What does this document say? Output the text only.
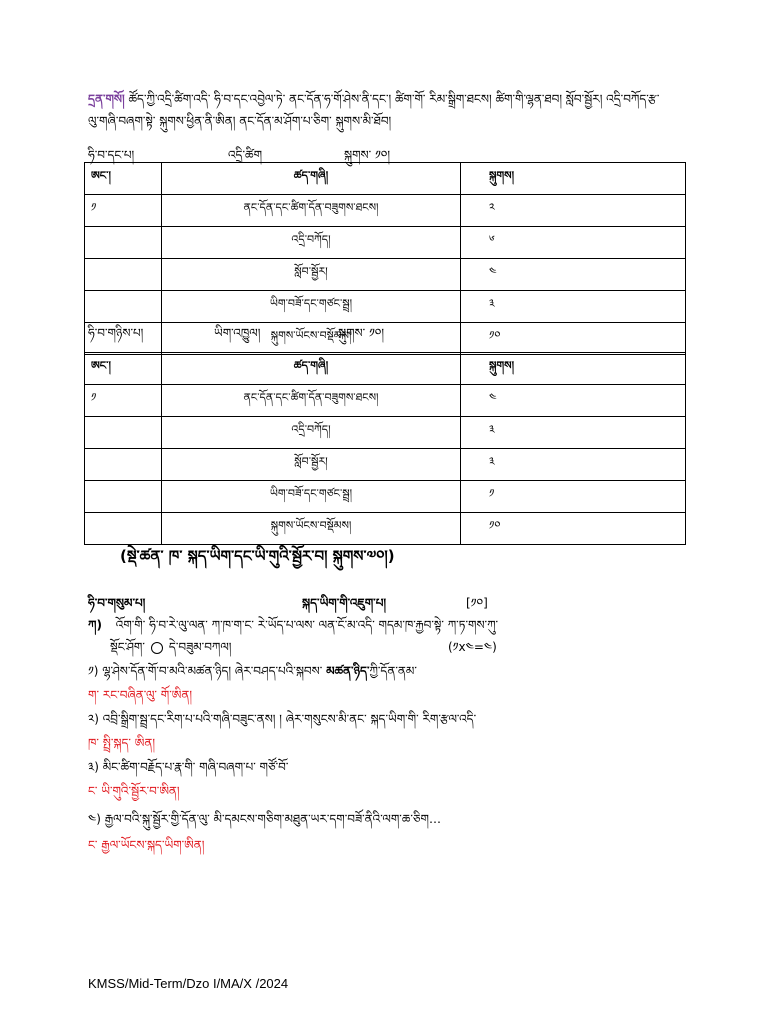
དྲན་གསོ། ཚོད་ཀྱི་འདྲི་ཚིག་འདི་ ཧི་བ་དང་འབྱེལ་ཏེ་ ནང་དོན་ཧ་གོ་ཤེས་ནི་དང་། ཚིག་གོ་ རིམ་སྒྲིག་ཐངས། ཚིག་གི་ལྷན་ཐབ། སློབ་སྦྱོར། འདྲི་བཀོད་རྩ་
ལུ་གཞི་བཞག་སྟེ་ སྐུགས་ཕྱིན་ནི་ཨིན། ནང་དོན་མ་ཤོག་པ་ཅིག་ སྐུགས་མི་ཐོབ།
ཧི་བ་དང་པ།	འདྲི་ཚིག	སྐུགས་ ༡༠།
ཨང་།	ཚད་གཞི།	སྐུགས།
༡	ནང་དོན་དང་ཚིག་དོན་བཟུགས་ཐངས།	༢
	འདྲི་བཀོད།	༦
	སློབ་སྦྱོར།	༤
	ཡིག་བཟོ་དང་གཙང་སྦྲ།	༣
	སྐུགས་ཡོངས་བསྡོམས།	༡༠
ཧི་བ་གཉིས་པ།	ཡིག་འཁྱུལ།	སྐུགས་ ༡༠།
ཨང་།	ཚད་གཞི།	སྐུགས།
༡	ནང་དོན་དང་ཚིག་དོན་བཟུགས་ཐངས།	༤
	འདྲི་བཀོད།	༣
	སློབ་སྦྱོར།	༣
	ཡིག་བཟོ་དང་གཙང་སྦྲ།	༡
	སྐུགས་ཡོངས་བསྡོམས།	༡༠
(སྡེ་ཚན་ ཁ་ སྐད་ཡིག་དང་ཡི་གུའི་སྦྱོར་བ། སྐུགས་༧༠།)
ཧི་བ་གསུམ་པ།	སྐད་ཡིག་གི་འཇུག་པ།	[༡༠]
ཀ) འོག་གི་ ཧི་བ་རེ་ལུ་ལན་ ཀ་ཁ་ག་ང་ རེ་ཡོད་པ་ལས་ ལན་ངོ་མ་འདི་ གདམ་ཁ་རྐྱབ་སྟེ་ ཀ་ཏ་གས་ཀུ་
སྡོང་ཤོག་ དེ་བཟུམ་བཀལ།	(༡x༤=༤)
༡) ལྷ་ཤེས་དོན་གོ་བ་མའི་མཚན་ཉིད། ཞེར་བཤད་པའི་སྐབས་ མཚན་ཉིད་ཀྱི་དོན་ནམ་
ག་ རང་བཞིན་ལུ་ གོ་ཨིན།
༢) འབྲི་སྒྲིག་སྦྲ་དང་རིག་པ་པའི་གཞི་བཟུང་ནས། ། ཞེར་གསུངས་མི་ནང་ སྐད་ཡིག་གི་ རིག་རྩལ་འདི་
ཁ་ སྤྲི་སྐད་ ཨིན།
༣) མིང་ཚིག་བརྗོད་པ་རྣ་གི་ གཞི་བཞག་པ་ གཙོ་བོ་
ང་ ཡི་གུའི་སྦྱོར་བ་ཨིན།
༤) རྒྱལ་བའི་སྐུ་སྦྱོར་གྱི་དོན་ལུ་ མི་དམངས་གཅིག་མཐུན་ཡར་དག་བཟོ་ནིའི་ལག་ཆ་ཅིག…
ང་ རྒྱལ་ཡོངས་སྐད་ཡིག་ཨིན།
KMSS/Mid-Term/Dzo I/MA/X /2024
